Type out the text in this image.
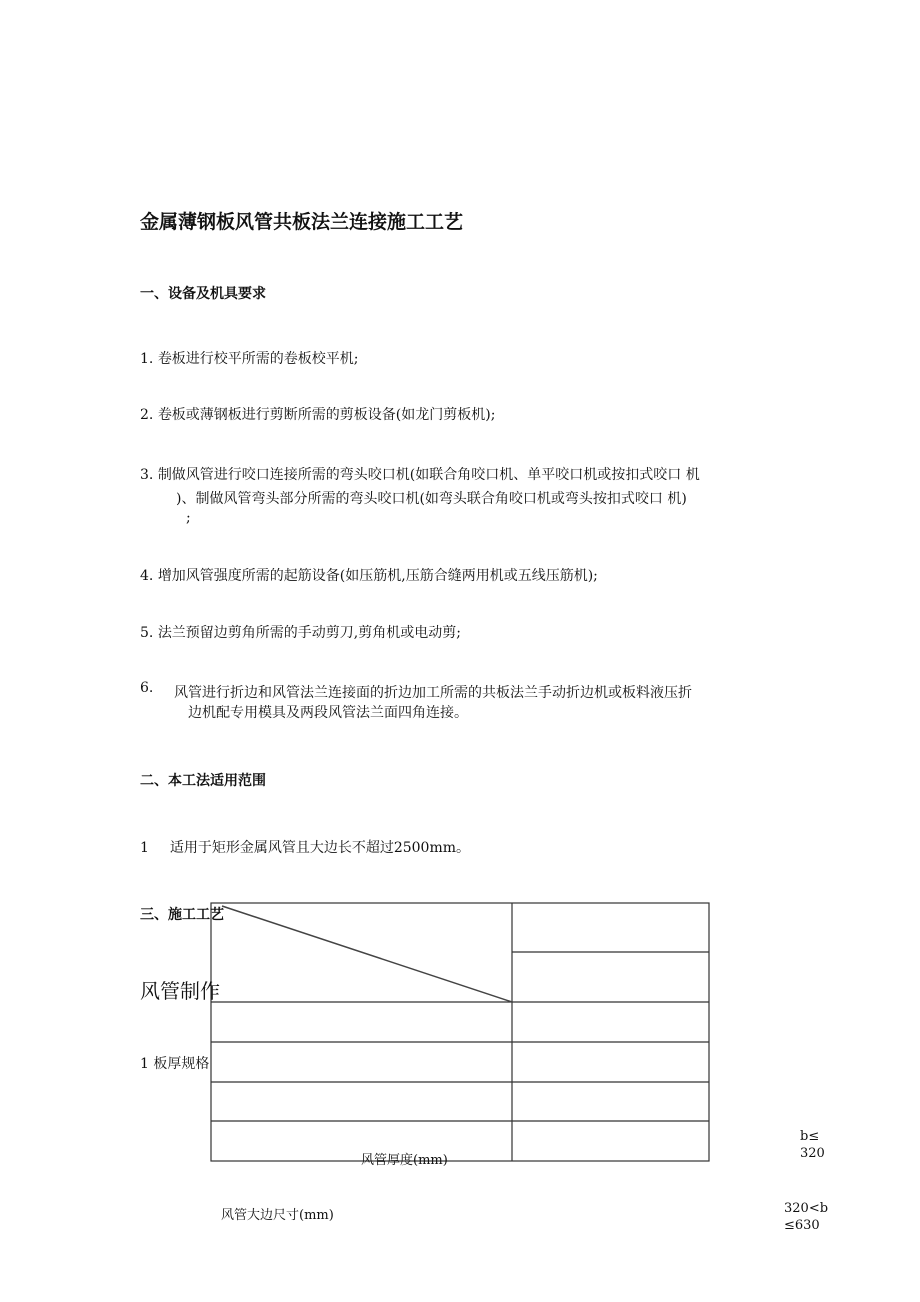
金属薄钢板风管共板法兰连接施工工艺
一、设备及机具要求
1. 卷板进行校平所需的卷板校平机;
2. 卷板或薄钢板进行剪断所需的剪板设备(如龙门剪板机);
3. 制做风管进行咬口连接所需的弯头咬口机(如联合角咬口机、单平咬口机或按扣式咬口 机
)、制做风管弯头部分所需的弯头咬口机(如弯头联合角咬口机或弯头按扣式咬口 机)
;
4. 增加风管强度所需的起筋设备(如压筋机,压筋合缝两用机或五线压筋机);
5. 法兰预留边剪角所需的手动剪刀,剪角机或电动剪;
6. 风管进行折边和风管法兰连接面的折边加工所需的共板法兰手动折边机或板料液压折
边机配专用模具及两段风管法兰面四角连接。
二、本工法适用范围
1 适用于矩形金属风管且大边长不超过2500mm。
三、施工工艺
风管制作
1 板厚规格
风管厚度(mm)
风管大边尺寸(mm)
b≤
320
320<b
≤630
